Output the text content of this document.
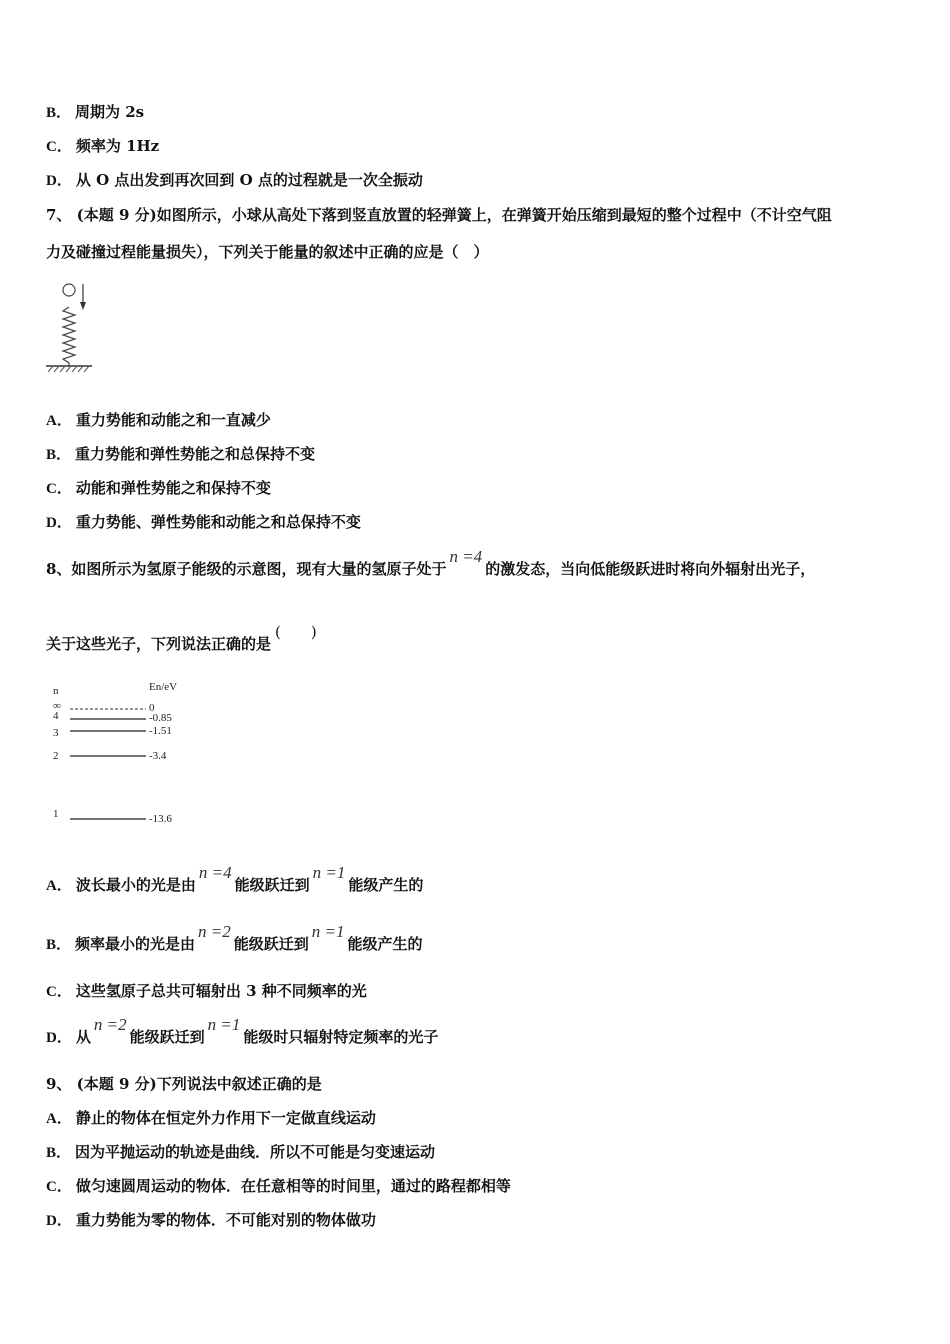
B． 周期为 2s
C． 频率为 1Hz
D． 从 O 点出发到再次回到 O 点的过程就是一次全振动
7、 (本题 9 分)如图所示，小球从高处下落到竖直放置的轻弹簧上，在弹簧开始压缩到最短的整个过程中（不计空气阻
力及碰撞过程能量损失），下列关于能量的叙述中正确的应是（　）
A． 重力势能和动能之和一直减少
B． 重力势能和弹性势能之和总保持不变
C． 动能和弹性势能之和保持不变
D． 重力势能、弹性势能和动能之和总保持不变
8、如图所示为氢原子能级的示意图，现有大量的氢原子处于n =4的激发态，当向低能级跃进时将向外辐射出光子，
关于这些光子，下列说法正确的是(　　)
n	En/eV
∞	0
4	-0.85
3	-1.51
2	-3.4
1	-13.6
A． 波长最小的光是由n =4能级跃迁到n =1能级产生的
B． 频率最小的光是由n =2能级跃迁到n =1能级产生的
C． 这些氢原子总共可辐射出 3 种不同频率的光
D． 从n =2能级跃迁到n =1能级时只辐射特定频率的光子
9、 (本题 9 分)下列说法中叙述正确的是
A． 静止的物体在恒定外力作用下一定做直线运动
B． 因为平抛运动的轨迹是曲线．所以不可能是匀变速运动
C． 做匀速圆周运动的物体．在任意相等的时间里，通过的路程都相等
D． 重力势能为零的物体．不可能对别的物体做功
